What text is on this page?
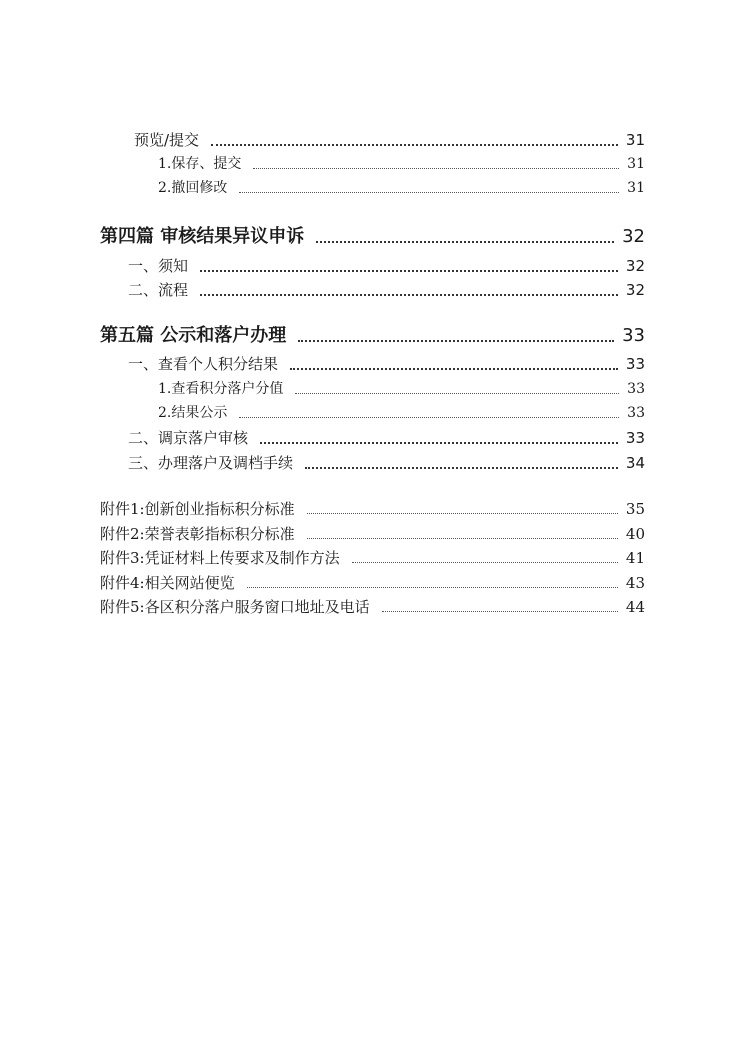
预览/提交	31
1.保存、提交	31
2.撤回修改	31
第四篇 审核结果异议申诉	32
一、须知	32
二、流程	32
第五篇 公示和落户办理	33
一、查看个人积分结果	33
1.查看积分落户分值	33
2.结果公示	33
二、调京落户审核	33
三、办理落户及调档手续	34
附件1:创新创业指标积分标准	35
附件2:荣誉表彰指标积分标准	40
附件3:凭证材料上传要求及制作方法	41
附件4:相关网站便览	43
附件5:各区积分落户服务窗口地址及电话	44
